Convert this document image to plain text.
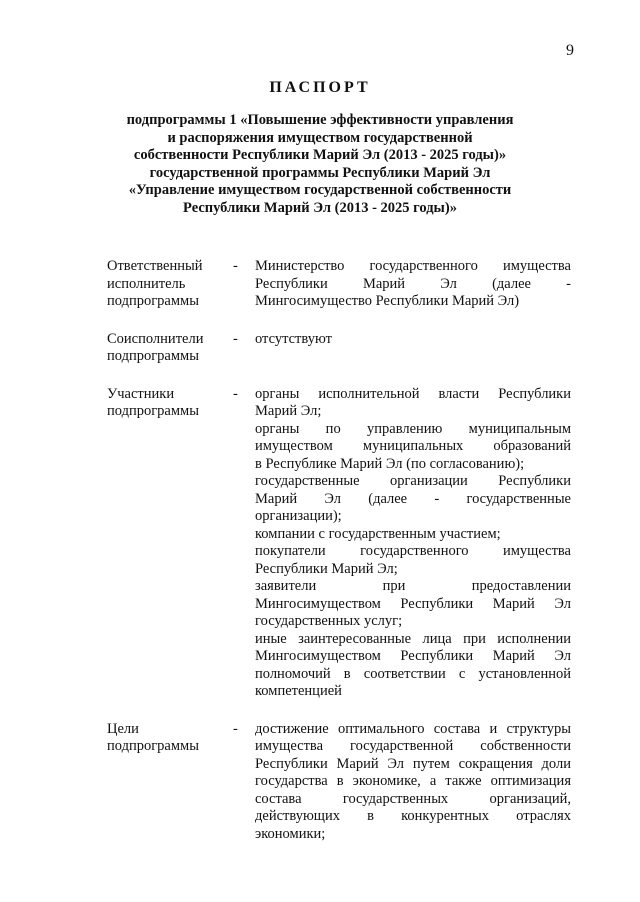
9
ПАСПОРТ
подпрограммы 1 «Повышение эффективности управления
и распоряжения имуществом государственной
собственности Республики Марий Эл (2013 - 2025 годы)»
государственной программы Республики Марий Эл
«Управление имуществом государственной собственности
Республики Марий Эл (2013 - 2025 годы)»
Ответственный
исполнитель
подпрограммы
-	Министерство государственного имущества
Республики Марий Эл (далее -
Мингосимущество Республики Марий Эл)
Соисполнители
подпрограммы
-	отсутствуют
Участники
подпрограммы
-	органы исполнительной власти Республики
Марий Эл;
органы по управлению муниципальным
имуществом муниципальных образований
в Республике Марий Эл (по согласованию);
государственные организации Республики
Марий Эл (далее - государственные
организации);
компании с государственным участием;
покупатели государственного имущества
Республики Марий Эл;
заявители при предоставлении
Мингосимуществом Республики Марий Эл
государственных услуг;
иные заинтересованные лица при исполнении
Мингосимуществом Республики Марий Эл
полномочий в соответствии с установленной
компетенцией
Цели
подпрограммы
-	достижение оптимального состава и структуры
имущества государственной собственности
Республики Марий Эл путем сокращения доли
государства в экономике, а также оптимизация
состава государственных организаций,
действующих в конкурентных отраслях
экономики;
